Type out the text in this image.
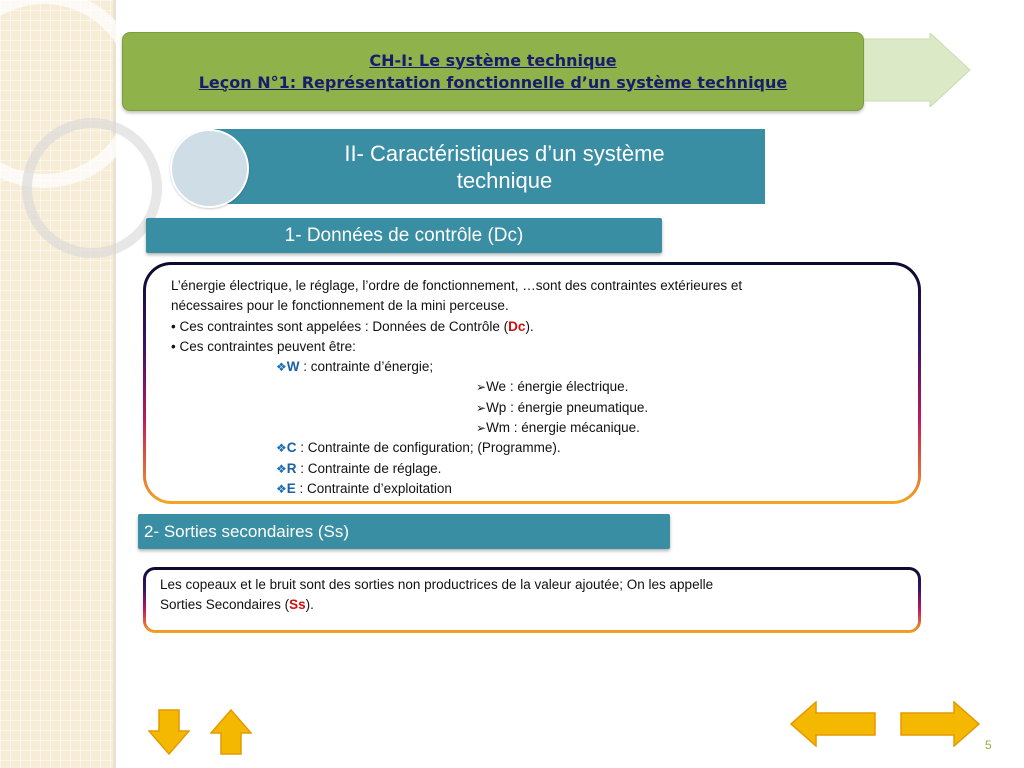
CH-I: Le système technique
Leçon N°1: Représentation fonctionnelle d’un système technique
II- Caractéristiques d’un système technique
1- Données de contrôle (Dc)
L’énergie électrique, le réglage, l’ordre de fonctionnement, …sont des contraintes extérieures et
nécessaires pour le fonctionnement de la mini perceuse.
• Ces contraintes sont appelées : Données de Contrôle (Dc).
• Ces contraintes peuvent être:
❖W : contrainte d’énergie;
➢We : énergie électrique.
➢Wp : énergie pneumatique.
➢Wm : énergie mécanique.
❖C : Contrainte de configuration; (Programme).
❖R : Contrainte de réglage.
❖E : Contrainte d’exploitation
2- Sorties secondaires (Ss)
Les copeaux et le bruit sont des sorties non productrices de la valeur ajoutée; On les appelle
Sorties Secondaires (Ss).
5
